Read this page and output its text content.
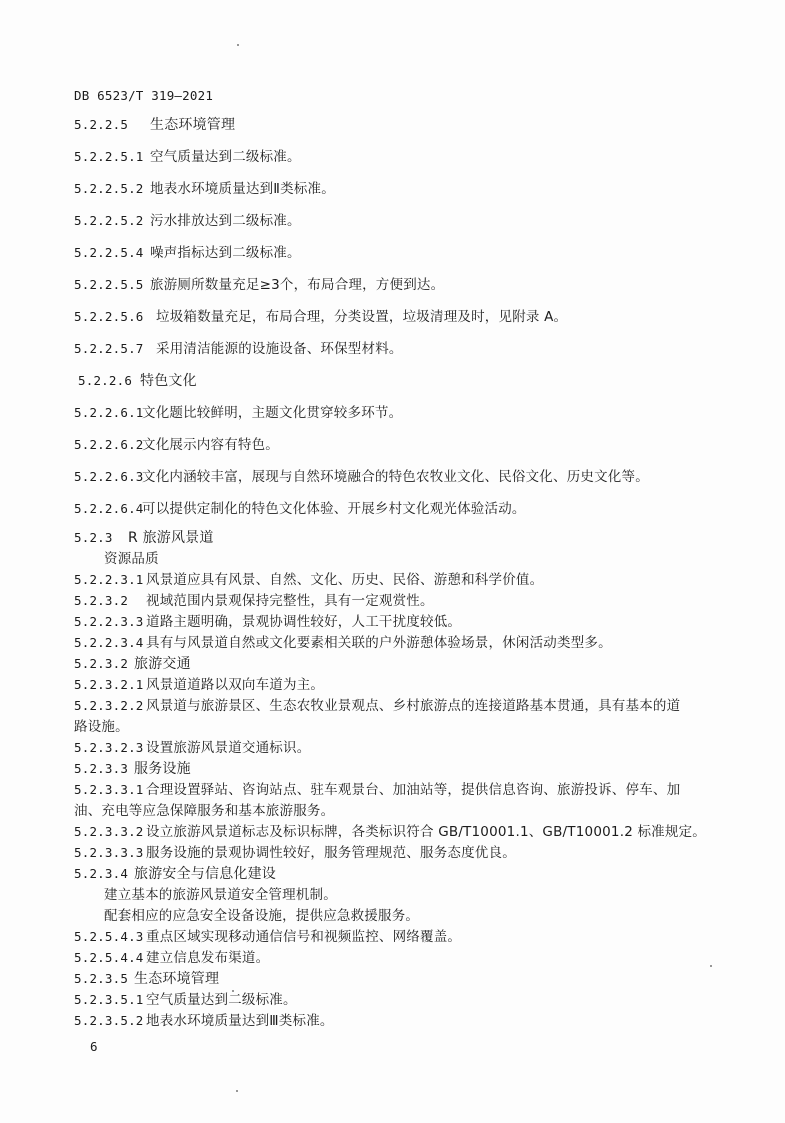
DB 6523/T 319—2021
5.2.2.5 生态环境管理
5.2.2.5.1 空气质量达到二级标准。
5.2.2.5.2 地表水环境质量达到Ⅱ类标准。
5.2.2.5.2 污水排放达到二级标准。
5.2.2.5.4 噪声指标达到二级标准。
5.2.2.5.5 旅游厕所数量充足≥3个，布局合理，方便到达。
5.2.2.5.6 垃圾箱数量充足，布局合理，分类设置，垃圾清理及时，见附录 A。
5.2.2.5.7 采用清洁能源的设施设备、环保型材料。
5.2.2.6 特色文化
5.2.2.6.1文化题比较鲜明，主题文化贯穿较多环节。
5.2.2.6.2文化展示内容有特色。
5.2.2.6.3文化内涵较丰富，展现与自然环境融合的特色农牧业文化、民俗文化、历史文化等。
5.2.2.6.4可以提供定制化的特色文化体验、开展乡村文化观光体验活动。
5.2.3 R 旅游风景道
资源品质
5.2.2.3.1 风景道应具有风景、自然、文化、历史、民俗、游憩和科学价值。
5.2.3.2 视域范围内景观保持完整性，具有一定观赏性。
5.2.2.3.3 道路主题明确，景观协调性较好，人工干扰度较低。
5.2.2.3.4 具有与风景道自然或文化要素相关联的户外游憩体验场景，休闲活动类型多。
5.2.3.2 旅游交通
5.2.3.2.1 风景道道路以双向车道为主。
5.2.3.2.2 风景道与旅游景区、生态农牧业景观点、乡村旅游点的连接道路基本贯通，具有基本的道
路设施。
5.2.3.2.3 设置旅游风景道交通标识。
5.2.3.3 服务设施
5.2.3.3.1 合理设置驿站、咨询站点、驻车观景台、加油站等，提供信息咨询、旅游投诉、停车、加
油、充电等应急保障服务和基本旅游服务。
5.2.3.3.2 设立旅游风景道标志及标识标牌，各类标识符合 GB/T10001.1、GB/T10001.2 标准规定。
5.2.3.3.3 服务设施的景观协调性较好，服务管理规范、服务态度优良。
5.2.3.4 旅游安全与信息化建设
建立基本的旅游风景道安全管理机制。
配套相应的应急安全设备设施，提供应急救援服务。
5.2.5.4.3 重点区域实现移动通信信号和视频监控、网络覆盖。
5.2.5.4.4 建立信息发布渠道。
5.2.3.5 生态环境管理
5.2.3.5.1 空气质量达到二级标准。
5.2.3.5.2 地表水环境质量达到Ⅲ类标准。
6
